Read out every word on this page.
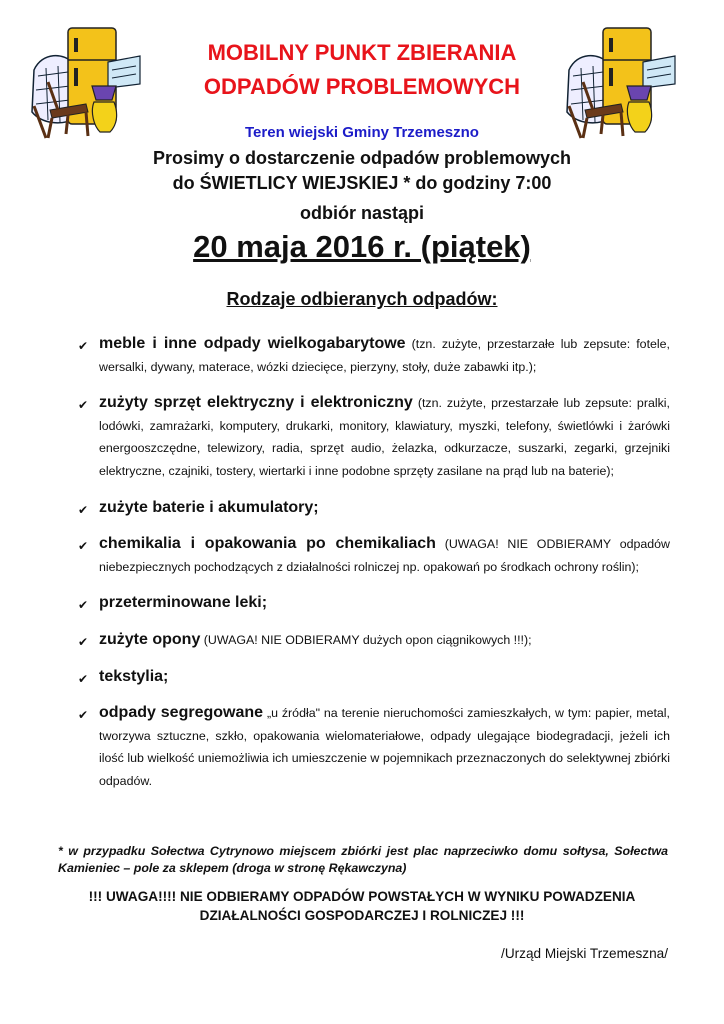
MOBILNY PUNKT ZBIERANIA
ODPADÓW PROBLEMOWYCH
Teren wiejski Gminy Trzemeszno
Prosimy o dostarczenie odpadów problemowych
do ŚWIETLICY WIEJSKIEJ * do godziny 7:00
odbiór nastąpi
20 maja 2016 r. (piątek)
Rodzaje odbieranych odpadów:
✔ meble i inne odpady wielkogabarytowe (tzn. zużyte, przestarzałe lub zepsute: fotele, wersalki, dywany, materace, wózki dziecięce, pierzyny, stoły, duże zabawki itp.);
✔ zużyty sprzęt elektryczny i elektroniczny (tzn. zużyte, przestarzałe lub zepsute: pralki, lodówki, zamrażarki, komputery, drukarki, monitory, klawiatury, myszki, telefony, świetlówki i żarówki energooszczędne, telewizory, radia, sprzęt audio, żelazka, odkurzacze, suszarki, zegarki, grzejniki elektryczne, czajniki, tostery, wiertarki i inne podobne sprzęty zasilane na prąd lub na baterie);
✔ zużyte baterie i akumulatory;
✔ chemikalia i opakowania po chemikaliach (UWAGA! NIE ODBIERAMY odpadów niebezpiecznych pochodzących z działalności rolniczej np. opakowań po środkach ochrony roślin);
✔ przeterminowane leki;
✔ zużyte opony (UWAGA! NIE ODBIERAMY dużych opon ciągnikowych !!!);
✔ tekstylia;
✔ odpady segregowane „u źródła" na terenie nieruchomości zamieszkałych, w tym: papier, metal, tworzywa sztuczne, szkło, opakowania wielomateriałowe, odpady ulegające biodegradacji, jeżeli ich ilość lub wielkość uniemożliwia ich umieszczenie w pojemnikach przeznaczonych do selektywnej zbiórki odpadów.
* w przypadku Sołectwa Cytrynowo miejscem zbiórki jest plac naprzeciwko domu sołtysa, Sołectwa Kamieniec – pole za sklepem (droga w stronę Rękawczyna)
!!! UWAGA!!!! NIE ODBIERAMY ODPADÓW POWSTAŁYCH W WYNIKU POWADZENIA
DZIAŁALNOŚCI GOSPODARCZEJ I ROLNICZEJ !!!
/Urząd Miejski Trzemeszna/
